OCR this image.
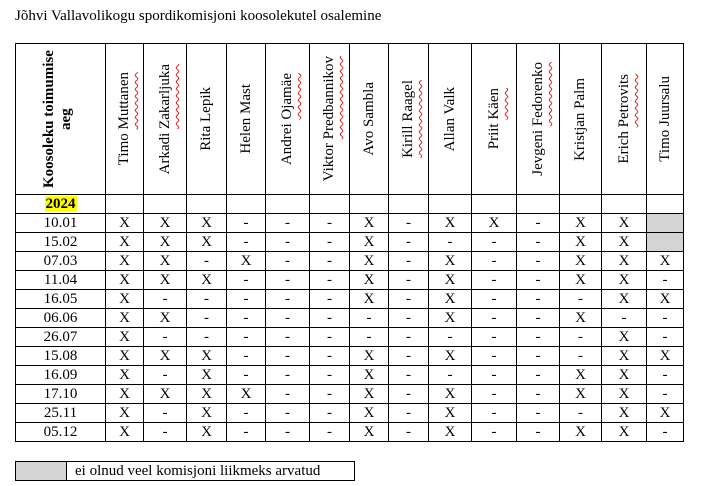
Jõhvi Vallavolikogu spordikomisjoni koosolekutel osalemine
Koosoleku toimumise aeg	Timo Muttanen	Arkadi Zakarljuka	Rita Lepik	Helen Mast	Andrei Ojamäe	Viktor Predbannikov	Avo Sambla	Kirill Raagel	Allan Valk	Priit Käen	Jevgeni Fedorenko	Kristjan Palm	Erich Petrovits	Timo Juursalu

2024														
10.01	X	X	X	-	-	-	X	-	X	X	-	X	X	
15.02	X	X	X	-	-	-	X	-	-	-	-	X	X	
07.03	X	X	-	X	-	-	X	-	X	-	-	X	X	X
11.04	X	X	X	-	-	-	X	-	X	-	-	X	X	-
16.05	X	-	-	-	-	-	X	-	X	-	-	-	X	X
06.06	X	X	-	-	-	-	-	-	X	-	-	X	-	-
26.07	X	-	-	-	-	-	-	-	-	-	-	-	X	-
15.08	X	X	X	-	-	-	X	-	X	-	-	-	X	X
16.09	X	-	X	-	-	-	X	-	-	-	-	X	X	-
17.10	X	X	X	X	-	-	X	-	X	-	-	X	X	-
25.11	X	-	X	-	-	-	X	-	X	-	-	-	X	X
05.12	X	-	X	-	-	-	X	-	X	-	-	X	X	-
ei olnud veel komisjoni liikmeks arvatud
